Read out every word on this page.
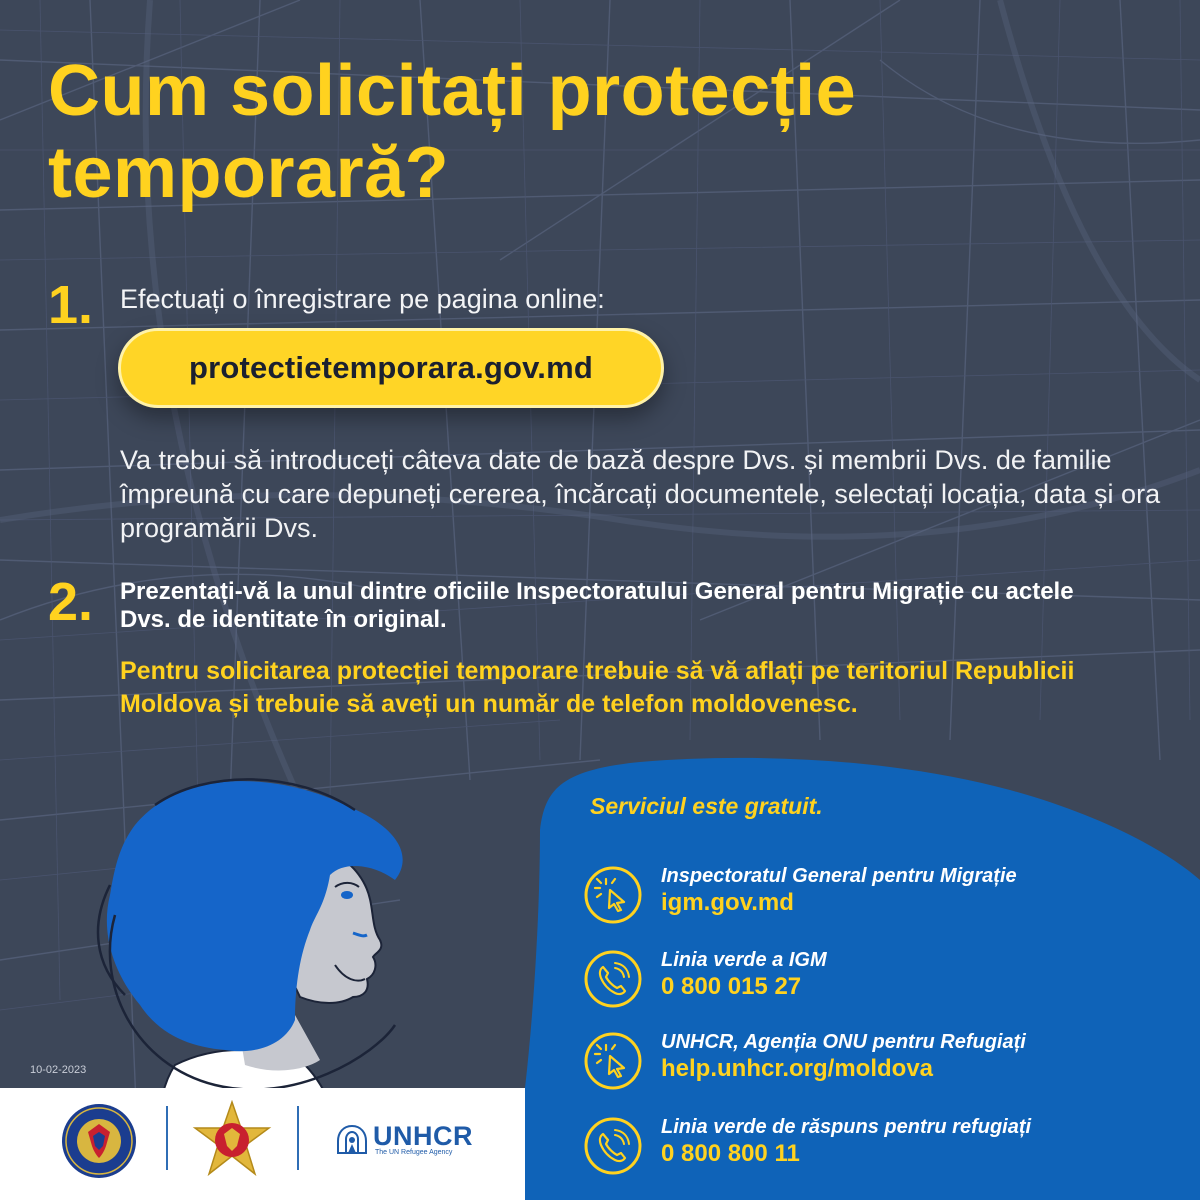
Cum solicitați protecție
temporară?
1. Efectuați o înregistrare pe pagina online:
protectietemporara.gov.md

Va trebui să introduceți câteva date de bază despre Dvs. și membrii Dvs. de familie împreună cu care depuneți cererea, încărcați documentele, selectați locația, data și ora programării Dvs.

2. Prezentați-vă la unul dintre oficiile Inspectoratului General pentru Migrație cu actele Dvs. de identitate în original.

Pentru solicitarea protecției temporare trebuie să vă aflați pe teritoriul Republicii Moldova și trebuie să aveți un număr de telefon moldovenesc.

Serviciul este gratuit.
Inspectoratul General pentru Migrație
igm.gov.md
Linia verde a IGM
0 800 015 27
UNHCR, Agenția ONU pentru Refugiați
help.unhcr.org/moldova
Linia verde de răspuns pentru refugiați
0 800 800 11
10-02-2023
UNHCR
The UN Refugee Agency
